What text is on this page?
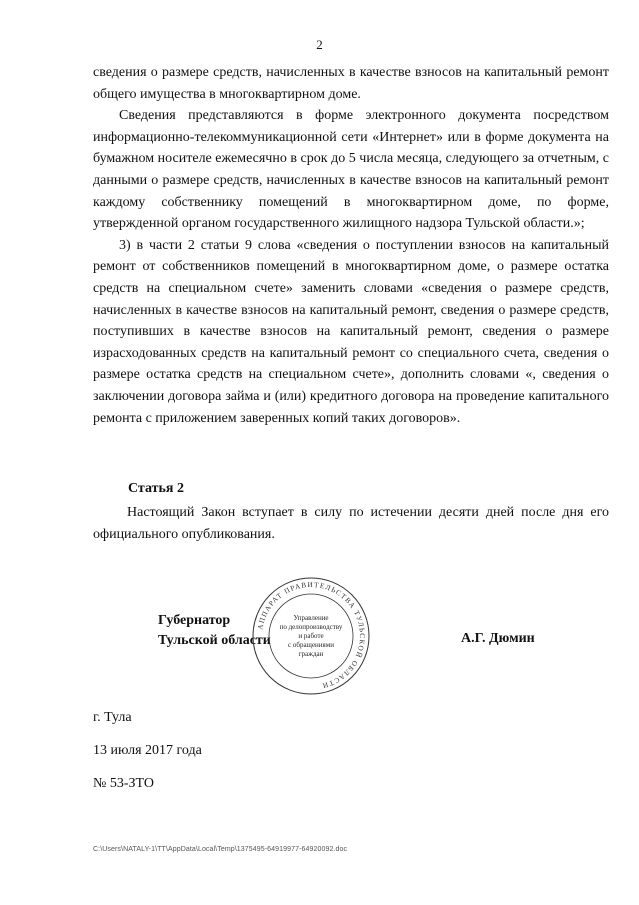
2

сведения о размере средств, начисленных в качестве взносов на капитальный ремонт общего имущества в многоквартирном доме.

Сведения представляются в форме электронного документа посредством информационно-телекоммуникационной сети «Интернет» или в форме документа на бумажном носителе ежемесячно в срок до 5 числа месяца, следующего за отчетным, с данными о размере средств, начисленных в качестве взносов на капитальный ремонт каждому собственнику помещений в многоквартирном доме, по форме, утвержденной органом государственного жилищного надзора Тульской области.»;

3) в части 2 статьи 9 слова «сведения о поступлении взносов на капитальный ремонт от собственников помещений в многоквартирном доме, о размере остатка средств на специальном счете» заменить словами «сведения о размере средств, начисленных в качестве взносов на капитальный ремонт, сведения о размере средств, поступивших в качестве взносов на капитальный ремонт, сведения о размере израсходованных средств на капитальный ремонт со специального счета, сведения о размере остатка средств на специальном счете», дополнить словами «, сведения о заключении договора займа и (или) кредитного договора на проведение капитального ремонта с приложением заверенных копий таких договоров».

Статья 2
Настоящий Закон вступает в силу по истечении десяти дней после дня его официального опубликования.
Губернатор
Тульской области
АППАРАТ ПРАВИТЕЛЬСТВА ТУЛЬСКОЙ ОБЛАСТИ
Управление
по делопроизводству
и работе
с обращениями
граждан
А.Г. Дюмин
г. Тула
13 июля 2017 года
№ 53-ЗТО
C:\Users\NATALY-1\TT\AppData\Local\Temp\1375495-64919977-64920092.doc
